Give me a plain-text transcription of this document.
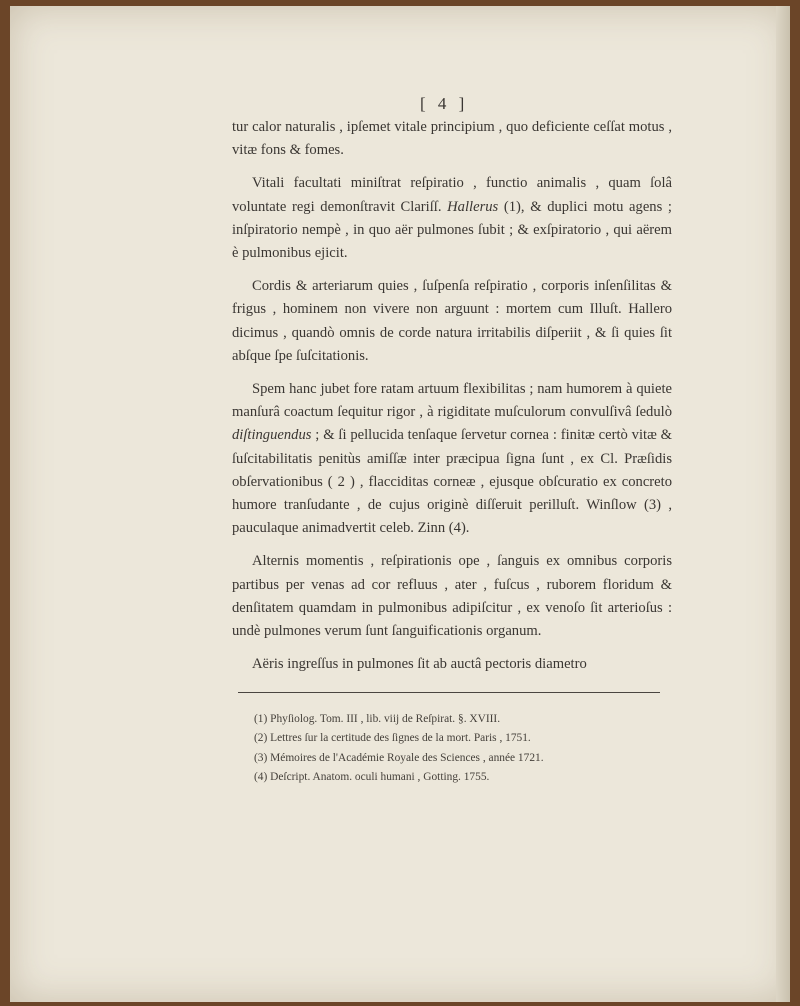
[ 4 ]

tur calor naturalis , ipſemet vitale principium , quo deficiente ceſſat motus , vitæ fons & fomes.

Vitali facultati miniſtrat reſpiratio , functio animalis , quam ſolâ voluntate regi demonſtravit Clariſſ. Hallerus (1), & duplici motu agens ; inſpiratorio nempè , in quo aër pulmones ſubit ; & exſpiratorio , qui aërem è pulmonibus ejicit.

Cordis & arteriarum quies , ſuſpenſa reſpiratio , corporis inſenſilitas & frigus , hominem non vivere non arguunt : mortem cum Illuſt. Hallero dicimus , quandò omnis de corde natura irritabilis diſperiit , & ſi quies ſit abſque ſpe ſuſcitationis.

Spem hanc jubet fore ratam artuum flexibilitas ; nam humorem à quiete manſurâ coactum ſequitur rigor , à rigiditate muſculorum convulſivâ ſedulò diſtinguendus ; & ſi pellucida tenſaque ſervetur cornea : finitæ certò vitæ & ſuſcitabilitatis penitùs amiſſæ inter præcipua ſigna ſunt , ex Cl. Præſidis obſervationibus ( 2 ) , flacciditas corneæ , ejusque obſcuratio ex concreto humore tranſudante , de cujus originè diſſeruit perilluſt. Winſlow (3) , pauculaque animadvertit celeb. Zinn (4).

Alternis momentis , reſpirationis ope , ſanguis ex omnibus corporis partibus per venas ad cor refluus , ater , fuſcus , ruborem floridum & denſitatem quamdam in pulmonibus adipiſcitur , ex venoſo ſit arterioſus : undè pulmones verum ſunt ſanguificationis organum.

Aëris ingreſſus in pulmones ſit ab auctâ pectoris diametro

(1) Phyſiolog. Tom. III , lib. viij de Reſpirat. §. XVIII.

(2) Lettres ſur la certitude des ſignes de la mort. Paris , 1751.

(3) Mémoires de l'Académie Royale des Sciences , année 1721.

(4) Deſcript. Anatom. oculi humani , Gotting. 1755.
